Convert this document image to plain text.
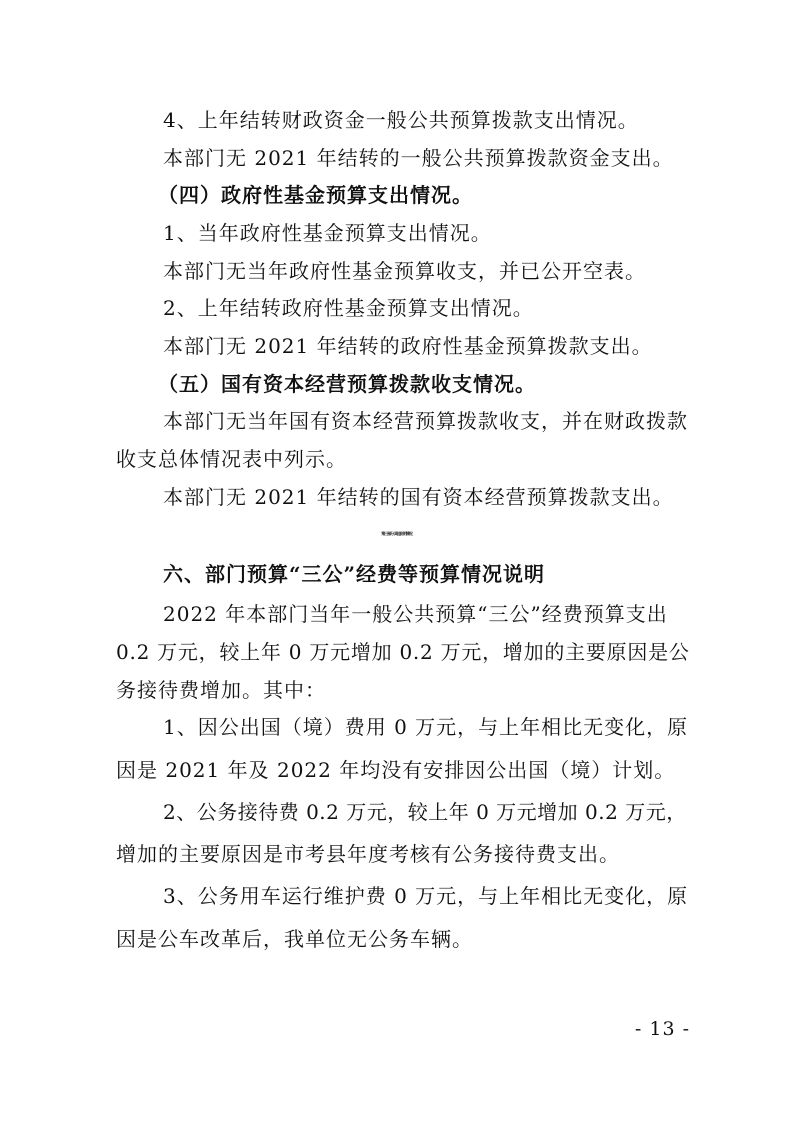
4、上年结转财政资金一般公共预算拨款支出情况。
本部门无 2021 年结转的一般公共预算拨款资金支出。
（四）政府性基金预算支出情况。
1、当年政府性基金预算支出情况。
本部门无当年政府性基金预算收支，并已公开空表。
2、上年结转政府性基金预算支出情况。
本部门无 2021 年结转的政府性基金预算拨款支出。
（五）国有资本经营预算拨款收支情况。
本部门无当年国有资本经营预算拨款收支，并在财政拨款
收支总体情况表中列示。
本部门无 2021 年结转的国有资本经营预算拨款支出。
第三部分 其他说明情况
六、部门预算“三公”经费等预算情况说明
2022 年本部门当年一般公共预算“三公”经费预算支出
0.2 万元，较上年 0 万元增加 0.2 万元，增加的主要原因是公
务接待费增加。其中：
1、因公出国（境）费用 0 万元，与上年相比无变化，原
因是 2021 年及 2022 年均没有安排因公出国（境）计划。
2、公务接待费 0.2 万元，较上年 0 万元增加 0.2 万元，
增加的主要原因是市考县年度考核有公务接待费支出。
3、公务用车运行维护费 0 万元，与上年相比无变化，原
因是公车改革后，我单位无公务车辆。
- 13 -
